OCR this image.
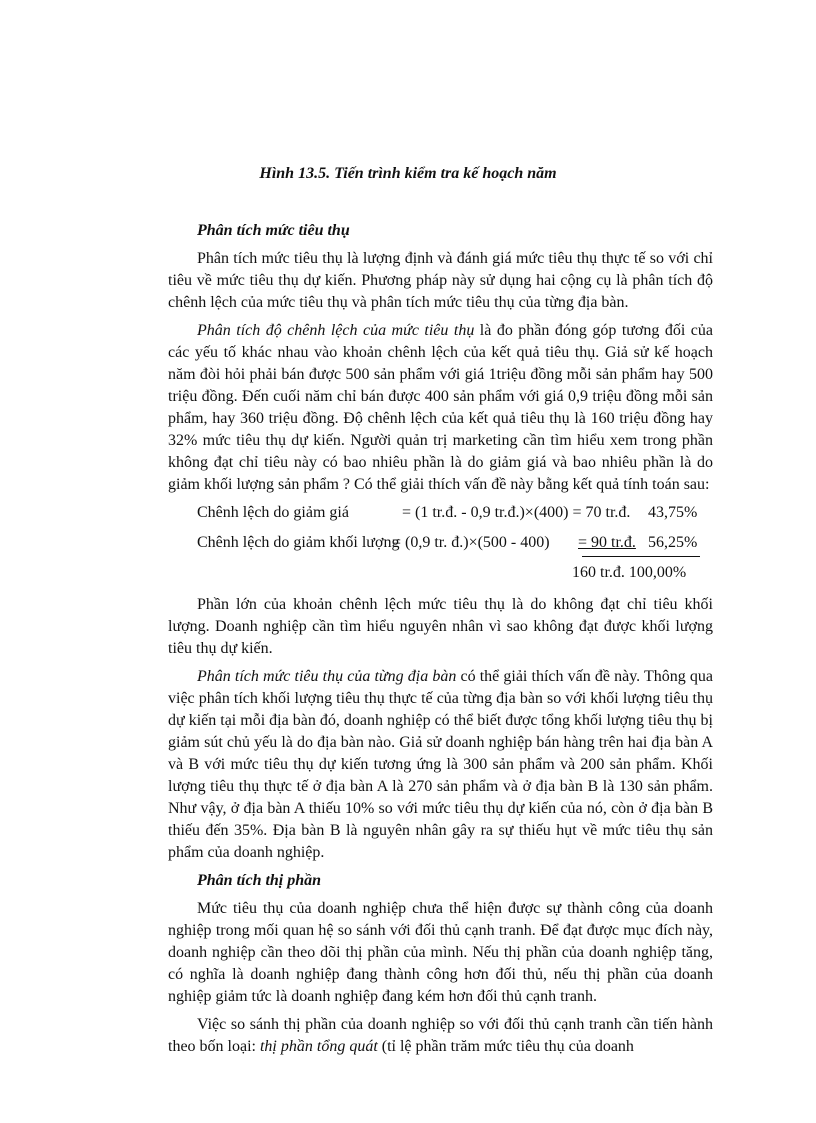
Hình 13.5. Tiến trình kiểm tra kế hoạch năm
Phân tích mức tiêu thụ

Phân tích mức tiêu thụ là lượng định và đánh giá mức tiêu thụ thực tế so với chỉ tiêu về mức tiêu thụ dự kiến. Phương pháp này sử dụng hai cộng cụ là phân tích độ chênh lệch của mức tiêu thụ và phân tích mức tiêu thụ của từng địa bàn.

Phân tích độ chênh lệch của mức tiêu thụ là đo phần đóng góp tương đối của các yếu tố khác nhau vào khoản chênh lệch của kết quả tiêu thụ. Giả sử kế hoạch năm đòi hỏi phải bán được 500 sản phẩm với giá 1triệu đồng mỗi sản phẩm hay 500 triệu đồng. Đến cuối năm chỉ bán được 400 sản phẩm với giá 0,9 triệu đồng mỗi sản phẩm, hay 360 triệu đồng. Độ chênh lệch của kết quả tiêu thụ là 160 triệu đồng hay 32% mức tiêu thụ dự kiến. Người quản trị marketing cần tìm hiểu xem trong phần không đạt chỉ tiêu này có bao nhiêu phần là do giảm giá và bao nhiêu phần là do giảm khối lượng sản phẩm ? Có thể giải thích vấn đề này bằng kết quả tính toán sau:

Chênh lệch do giảm giá	= (1 tr.đ. - 0,9 tr.đ.)×(400) = 70 tr.đ. 43,75%
Chênh lệch do giảm khối lượng
= (0,9 tr. đ.)×(500 - 400) = 90 tr.đ. 56,25%
160 tr.đ. 100,00%

Phần lớn của khoản chênh lệch mức tiêu thụ là do không đạt chỉ tiêu khối lượng. Doanh nghiệp cần tìm hiểu nguyên nhân vì sao không đạt được khối lượng tiêu thụ dự kiến.

Phân tích mức tiêu thụ của từng địa bàn có thể giải thích vấn đề này. Thông qua việc phân tích khối lượng tiêu thụ thực tế của từng địa bàn so với khối lượng tiêu thụ dự kiến tại mỗi địa bàn đó, doanh nghiệp có thể biết được tổng khối lượng tiêu thụ bị giảm sút chủ yếu là do địa bàn nào. Giả sử doanh nghiệp bán hàng trên hai địa bàn A và B với mức tiêu thụ dự kiến tương ứng là 300 sản phẩm và 200 sản phẩm. Khối lượng tiêu thụ thực tế ở địa bàn A là 270 sản phẩm và ở địa bàn B là 130 sản phẩm. Như vậy, ở địa bàn A thiếu 10% so với mức tiêu thụ dự kiến của nó, còn ở địa bàn B thiếu đến 35%. Địa bàn B là nguyên nhân gây ra sự thiếu hụt về mức tiêu thụ sản phẩm của doanh nghiệp.

Phân tích thị phần

Mức tiêu thụ của doanh nghiệp chưa thể hiện được sự thành công của doanh nghiệp trong mối quan hệ so sánh với đối thủ cạnh tranh. Để đạt được mục đích này, doanh nghiệp cần theo dõi thị phần của mình. Nếu thị phần của doanh nghiệp tăng, có nghĩa là doanh nghiệp đang thành công hơn đối thủ, nếu thị phần của doanh nghiệp giảm tức là doanh nghiệp đang kém hơn đối thủ cạnh tranh.

Việc so sánh thị phần của doanh nghiệp so với đối thủ cạnh tranh cần tiến hành theo bốn loại: thị phần tổng quát (tỉ lệ phần trăm mức tiêu thụ của doanh
